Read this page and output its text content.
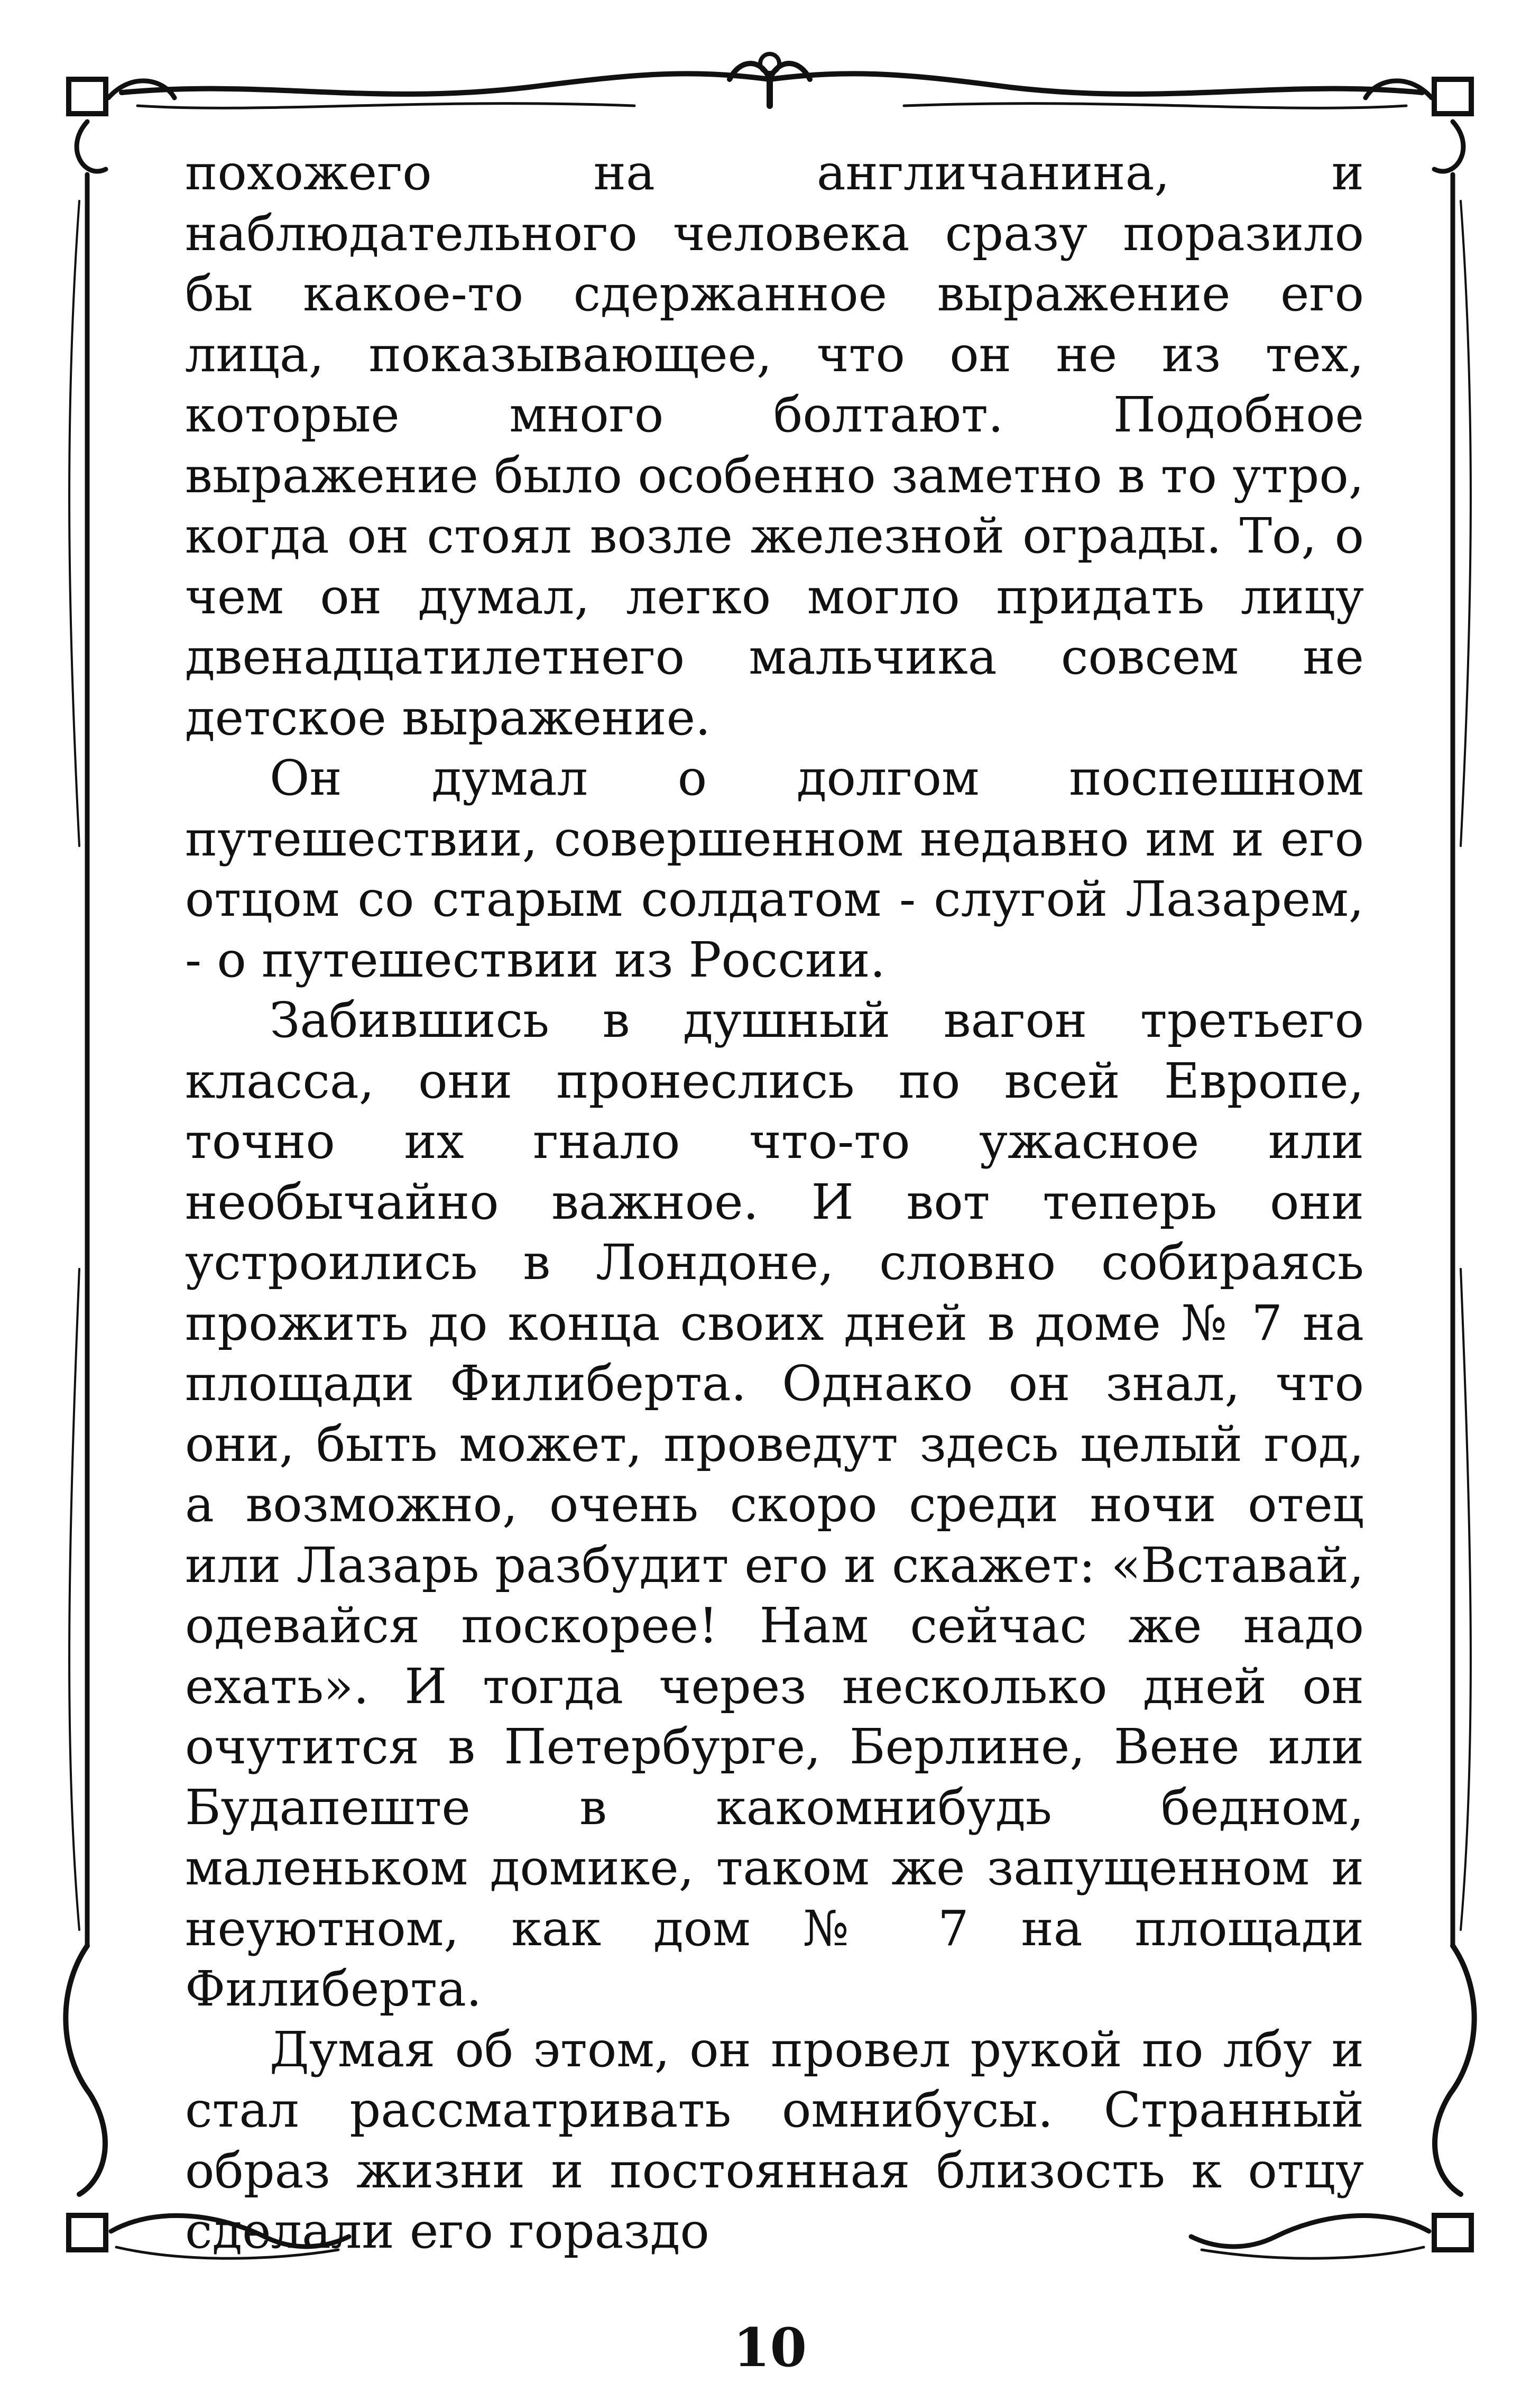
похожего на англичанина, и наблюдательного человека сразу поразило бы какое-то сдержанное выражение его лица, показывающее, что он не из тех, которые много болтают. Подобное выражение было особенно заметно в то утро, когда он стоял возле железной ограды. То, о чем он думал, легко могло придать лицу двенадцатилетнего мальчика совсем не детское выражение.

Он думал о долгом поспешном путешествии, совершенном недавно им и его отцом со старым солдатом - слугой Лазарем, - о путешествии из России.

Забившись в душный вагон третьего класса, они пронеслись по всей Европе, точно их гнало что-то ужасное или необычайно важное. И вот теперь они устроились в Лондоне, словно собираясь прожить до конца своих дней в доме № 7 на площади Филиберта. Однако он знал, что они, быть может, проведут здесь целый год, а возможно, очень скоро среди ночи отец или Лазарь разбудит его и скажет: «Вставай, одевайся поскорее! Нам сейчас же надо ехать». И тогда через несколько дней он очутится в Петербурге, Берлине, Вене или Будапеште в какомнибудь бедном, маленьком домике, таком же запущенном и неуютном, как дом № 7 на площади Филиберта.

Думая об этом, он провел рукой по лбу и стал рассматривать омнибусы. Странный образ жизни и постоянная близость к отцу сделали его гораздо

10
